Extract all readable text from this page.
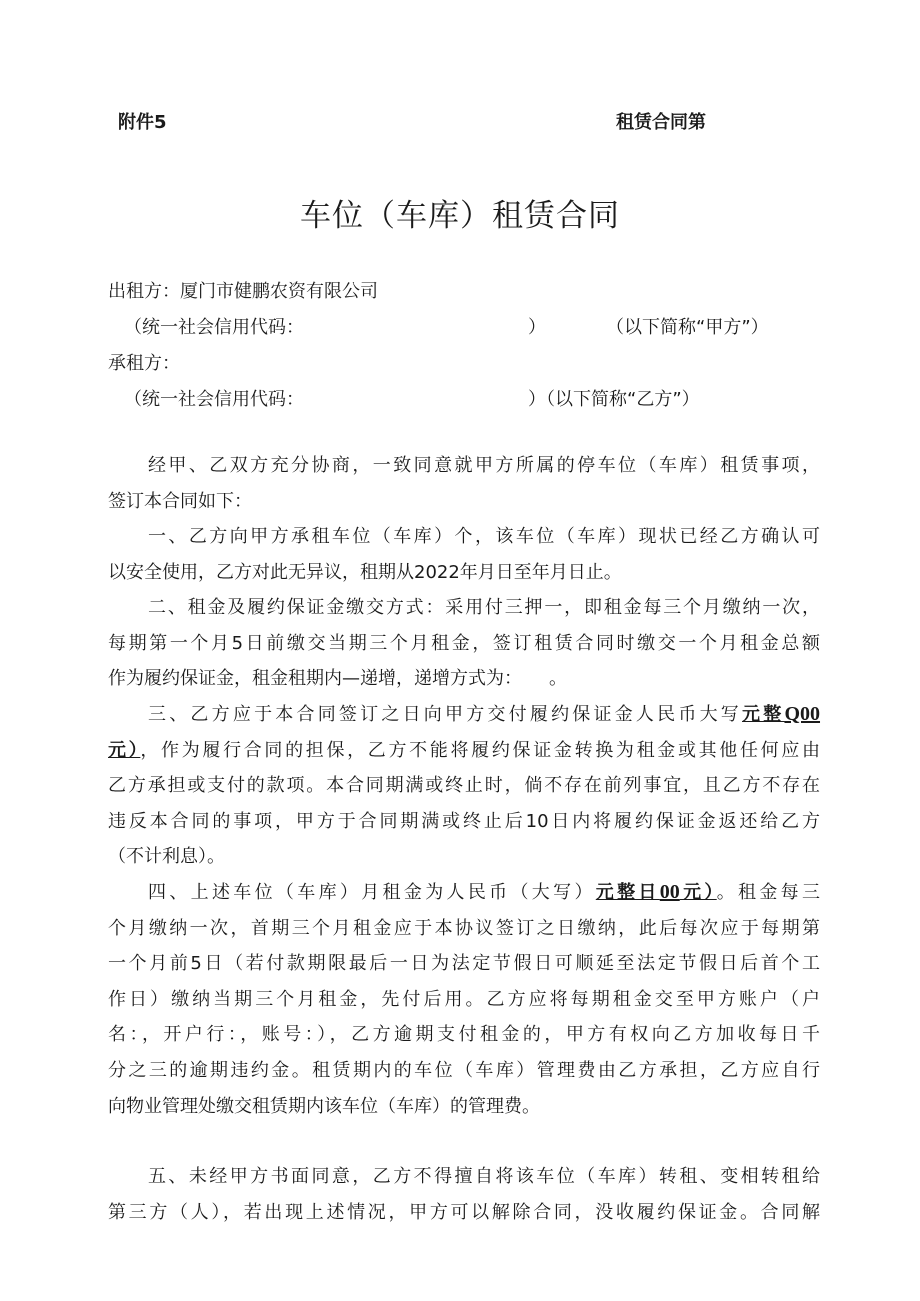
附件5	租赁合同第
车位（车库）租赁合同
出租方：厦门市健鹏农资有限公司
（统一社会信用代码：	）	（以下简称“甲方”）
承租方：
（统一社会信用代码：	）（以下简称“乙方”）
经甲、乙双方充分协商，一致同意就甲方所属的停车位（车库）租赁事项，
签订本合同如下：
一、乙方向甲方承租车位（车库）个，该车位（车库）现状已经乙方确认可
以安全使用，乙方对此无异议，租期从2022年月日至年月日止。
二、租金及履约保证金缴交方式：采用付三押一，即租金每三个月缴纳一次，
每期第一个月5日前缴交当期三个月租金，签订租赁合同时缴交一个月租金总额
作为履约保证金，租金租期内—递增，递增方式为：　　。
三、乙方应于本合同签订之日向甲方交付履约保证金人民币大写元整Q00
元），作为履行合同的担保，乙方不能将履约保证金转换为租金或其他任何应由
乙方承担或支付的款项。本合同期满或终止时，倘不存在前列事宜，且乙方不存在
违反本合同的事项，甲方于合同期满或终止后10日内将履约保证金返还给乙方
（不计利息）。
四、上述车位（车库）月租金为人民币（大写）元整日00元）。租金每三
个月缴纳一次，首期三个月租金应于本协议签订之日缴纳，此后每次应于每期第
一个月前5日（若付款期限最后一日为法定节假日可顺延至法定节假日后首个工
作日）缴纳当期三个月租金，先付后用。乙方应将每期租金交至甲方账户（户
名：，开户行：，账号：），乙方逾期支付租金的，甲方有权向乙方加收每日千
分之三的逾期违约金。租赁期内的车位（车库）管理费由乙方承担，乙方应自行
向物业管理处缴交租赁期内该车位（车库）的管理费。
五、未经甲方书面同意，乙方不得擅自将该车位（车库）转租、变相转租给
第三方（人），若出现上述情况，甲方可以解除合同，没收履约保证金。合同解
